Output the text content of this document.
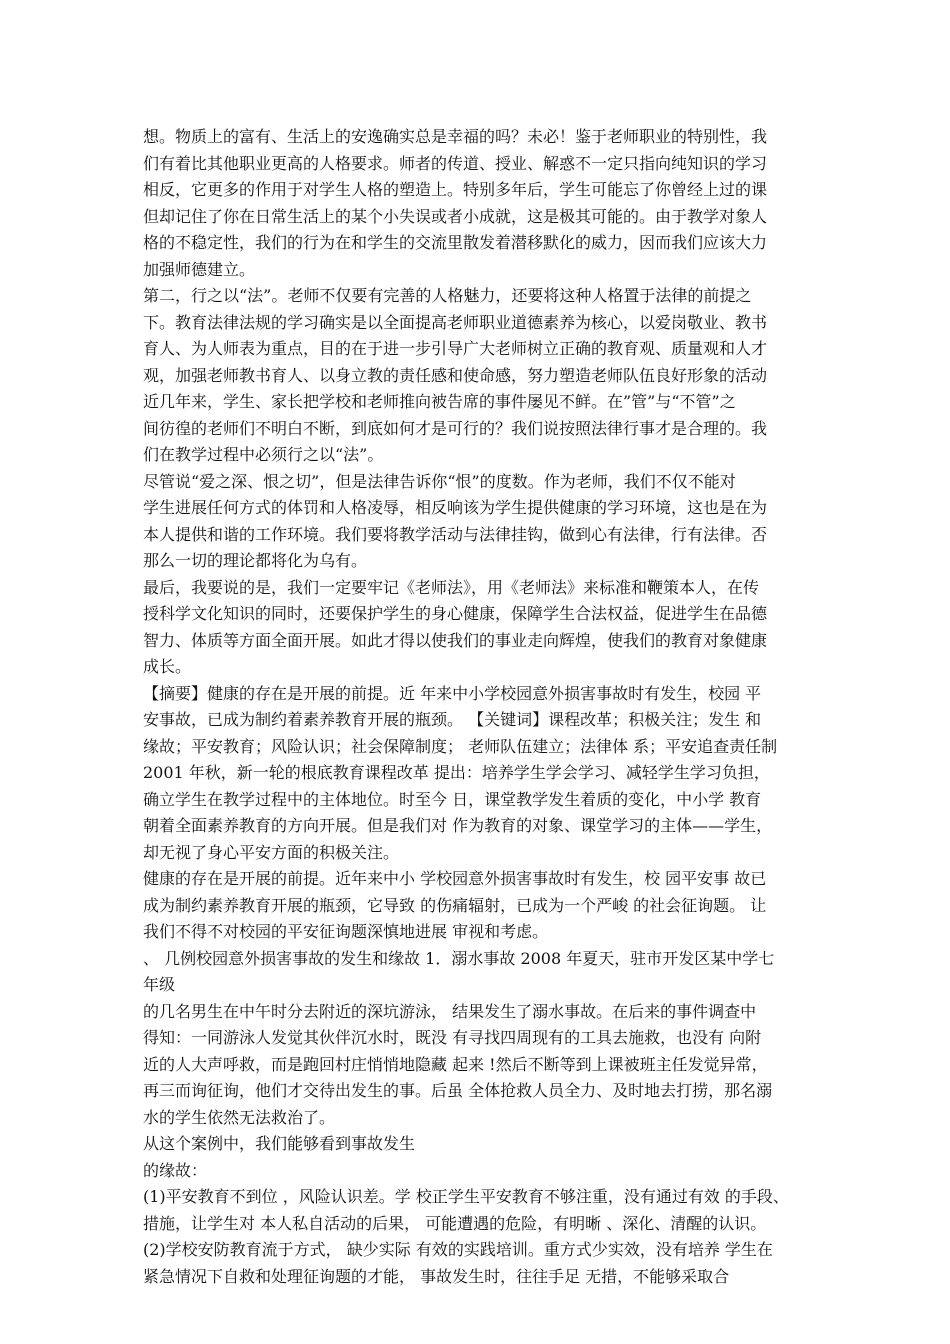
想。物质上的富有、生活上的安逸确实总是幸福的吗？未必！鉴于老师职业的特别性，我
们有着比其他职业更高的人格要求。师者的传道、授业、解惑不一定只指向纯知识的学习
相反，它更多的作用于对学生人格的塑造上。特别多年后，学生可能忘了你曾经上过的课
但却记住了你在日常生活上的某个小失误或者小成就，这是极其可能的。由于教学对象人
格的不稳定性，我们的行为在和学生的交流里散发着潜移默化的威力，因而我们应该大力
加强师德建立。
第二，行之以“法”。老师不仅要有完善的人格魅力，还要将这种人格置于法律的前提之
下。教育法律法规的学习确实是以全面提高老师职业道德素养为核心，以爱岗敬业、教书
育人、为人师表为重点，目的在于进一步引导广大老师树立正确的教育观、质量观和人才
观，加强老师教书育人、以身立教的责任感和使命感，努力塑造老师队伍良好形象的活动
近几年来，学生、家长把学校和老师推向被告席的事件屡见不鲜。在”管”与“不管”之
间彷徨的老师们不明白不断，到底如何才是可行的？我们说按照法律行事才是合理的。我
们在教学过程中必须行之以“法”。
尽管说“爱之深、恨之切”，但是法律告诉你“恨”的度数。作为老师，我们不仅不能对
学生进展任何方式的体罚和人格凌辱，相反响该为学生提供健康的学习环境，这也是在为
本人提供和谐的工作环境。我们要将教学活动与法律挂钩，做到心有法律，行有法律。否
那么一切的理论都将化为乌有。
最后，我要说的是，我们一定要牢记《老师法》，用《老师法》来标准和鞭策本人，在传
授科学文化知识的同时，还要保护学生的身心健康，保障学生合法权益，促进学生在品德
智力、体质等方面全面开展。如此才得以使我们的事业走向辉煌，使我们的教育对象健康
成长。
【摘要】健康的存在是开展的前提。近 年来中小学校园意外损害事故时有发生，校园 平
安事故，已成为制约着素养教育开展的瓶颈。 【关键词】课程改革；积极关注；发生 和
缘故；平安教育；风险认识；社会保障制度； 老师队伍建立；法律体 系；平安追查责任制
2001 年秋，新一轮的根底教育课程改革 提出：培养学生学会学习、减轻学生学习负担，
确立学生在教学过程中的主体地位。时至今 日，课堂教学发生着质的变化，中小学 教育
朝着全面素养教育的方向开展。但是我们对 作为教育的对象、课堂学习的主体——学生，
却无视了身心平安方面的积极关注。
健康的存在是开展的前提。近年来中小 学校园意外损害事故时有发生，校 园平安事 故已
成为制约素养教育开展的瓶颈，它导致 的伤痛辐射，已成为一个严峻 的社会征询题。 让
我们不得不对校园的平安征询题深慎地进展 审视和考虑。
、 几例校园意外损害事故的发生和缘故 1．溺水事故 2008 年夏天，驻市开发区某中学七
年级
的几名男生在中午时分去附近的深坑游泳， 结果发生了溺水事故。在后来的事件调查中
得知：一同游泳人发觉其伙伴沉水时，既没 有寻找四周现有的工具去施救，也没有 向附
近的人大声呼救，而是跑回村庄悄悄地隐藏 起来 !然后不断等到上课被班主任发觉异常，
再三而询征询，他们才交待出发生的事。后虽 全体抢救人员全力、及时地去打捞，那名溺
水的学生依然无法救治了。
从这个案例中，我们能够看到事故发生
的缘故：
(1)平安教育不到位 ，风险认识差。学 校正学生平安教育不够注重，没有通过有效 的手段、
措施，让学生对 本人私自活动的后果， 可能遭遇的危险，有明晰 、深化、清醒的认识。
(2)学校安防教育流于方式， 缺少实际 有效的实践培训。重方式少实效，没有培养 学生在
紧急情况下自救和处理征询题的才能， 事故发生时，往往手足 无措，不能够采取合
